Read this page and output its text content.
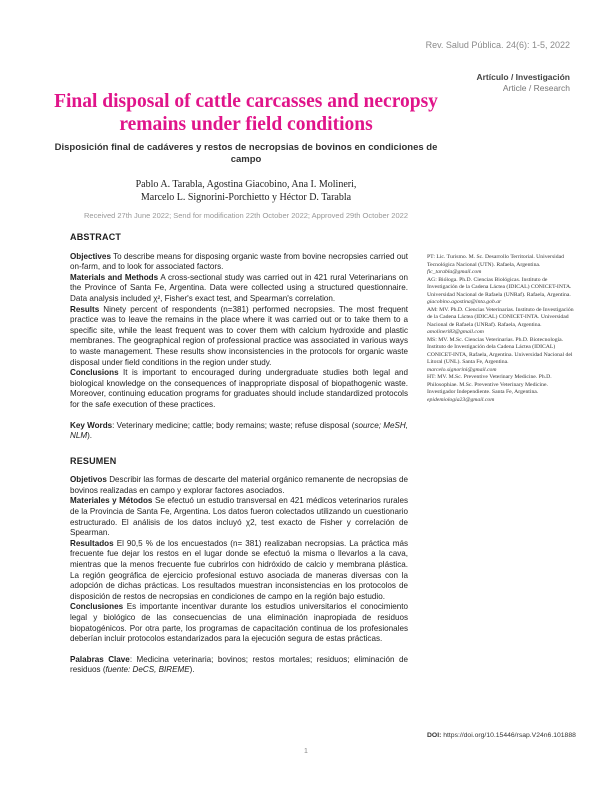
Rev. Salud Pública. 24(6): 1-5, 2022
Artículo / Investigación
Article / Research
Final disposal of cattle carcasses and necropsy remains under field conditions
Disposición final de cadáveres y restos de necropsias de bovinos en condiciones de campo
Pablo A. Tarabla, Agostina Giacobino, Ana I. Molineri,
Marcelo L. Signorini-Porchietto y Héctor D. Tarabla
Received 27th June 2022; Send for modification 22th October 2022; Approved 29th October 2022
ABSTRACT

Objectives To describe means for disposing organic waste from bovine necropsies carried out on-farm, and to look for associated factors.

Materials and Methods A cross-sectional study was carried out in 421 rural Veterinarians on the Province of Santa Fe, Argentina. Data were collected using a structured questionnaire. Data analysis included χ², Fisher's exact test, and Spearman's correlation.

Results Ninety percent of respondents (n=381) performed necropsies. The most frequent practice was to leave the remains in the place where it was carried out or to take them to a specific site, while the least frequent was to cover them with calcium hydroxide and plastic membranes. The geographical region of professional practice was associated in various ways to waste management. These results show inconsistencies in the protocols for organic waste disposal under field conditions in the region under study.

Conclusions It is important to encouraged during undergraduate studies both legal and biological knowledge on the consequences of inappropriate disposal of biopathogenic waste. Moreover, continuing education programs for graduates should include standardized protocols for the safe execution of these practices.

Key Words: Veterinary medicine; cattle; body remains; waste; refuse disposal (source; MeSH, NLM).

RESUMEN

Objetivos Describir las formas de descarte del material orgánico remanente de necropsias de bovinos realizadas en campo y explorar factores asociados.

Materiales y Métodos Se efectuó un estudio transversal en 421 médicos veterinarios rurales de la Provincia de Santa Fe, Argentina. Los datos fueron colectados utilizando un cuestionario estructurado. El análisis de los datos incluyó χ2, test exacto de Fisher y correlación de Spearman.

Resultados El 90,5 % de los encuestados (n= 381) realizaban necropsias. La práctica más frecuente fue dejar los restos en el lugar donde se efectuó la misma o llevarlos a la cava, mientras que la menos frecuente fue cubrirlos con hidróxido de calcio y membrana plástica. La región geográfica de ejercicio profesional estuvo asociada de maneras diversas con la adopción de dichas prácticas. Los resultados muestran inconsistencias en los protocolos de disposición de restos de necropsias en condiciones de campo en la región bajo estudio.

Conclusiones Es importante incentivar durante los estudios universitarios el conocimiento legal y biológico de las consecuencias de una eliminación inapropiada de residuos biopatogénicos. Por otra parte, los programas de capacitación continua de los profesionales deberían incluir protocolos estandarizados para la ejecución segura de estas prácticas.

Palabras Clave: Medicina veterinaria; bovinos; restos mortales; residuos; eliminación de residuos (fuente: DeCS, BIREME).

PT: Lic. Turismo. M. Sc. Desarrollo Territorial. Universidad Tecnológica Nacional (UTN). Rafaela, Argentina.

fic_tarabla@gmail.com

AG: Bióloga. Ph.D. Ciencias Biológicas. Instituto de Investigación de la Cadena Láctea (IDICAL) CONICET-INTA. Universidad Nacional de Rafaela (UNRaf). Rafaela, Argentina.

giacobino.agostina@inta.gob.ar

AM: MV. Ph.D. Ciencias Veterinarias. Instituto de Investigación de la Cadena Láctea (IDICAL) CONICET-INTA. Universidad Nacional de Rafaela (UNRaf). Rafaela, Argentina.

amolineri83@gmail.com

MS: MV. M.Sc. Ciencias Veterinarias. Ph.D. Biotecnología. Instituto de Investigación dela Cadena Láctea (IDICAL) CONICET-INTA, Rafaela, Argentina. Universidad Nacional del Litoral (UNL). Santa Fe, Argentina.

marcelo.signorini@gmail.com

HT: MV. M.Sc. Preventive Veterinary Medicine. Ph.D. Philosophiae. M.Sc. Preventive Veterinary Medicine. Investigador Independiente. Santa Fe, Argentina.

epidemiologia23@gmail.com

DOI: https://doi.org/10.15446/rsap.V24n6.101888
1
